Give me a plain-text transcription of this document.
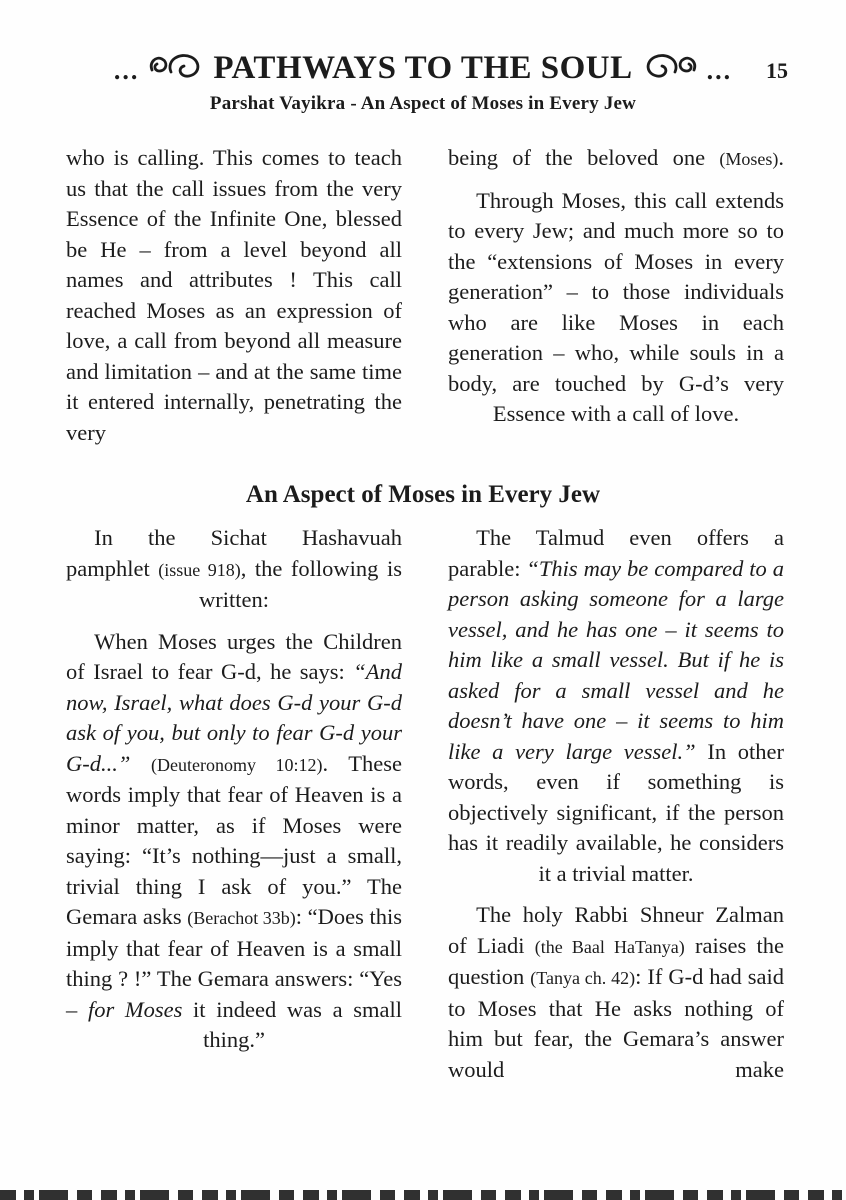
... PATHWAYS TO THE SOUL	... 15
Parshat Vayikra - An Aspect of Moses in Every Jew

who is calling. This comes to teach us that the call issues from the very Essence of the Infinite One, blessed be He – from a level beyond all names and attributes ! This call reached Moses as an expression of love, a call from beyond all measure and limitation – and at the same time it entered internally, penetrating the very

being of the beloved one (Moses).

Through Moses, this call extends to every Jew; and much more so to the “extensions of Moses in every generation” – to those individuals who are like Moses in each generation – who, while souls in a body, are touched by G-d’s very Essence with a call of love.

An Aspect of Moses in Every Jew

In the Sichat Hashavuah pamphlet (issue 918), the following is written:

When Moses urges the Children of Israel to fear G-d, he says: “And now, Israel, what does G-d your G-d ask of you, but only to fear G-d your G-d...” (Deuteronomy 10:12). These words imply that fear of Heaven is a minor matter, as if Moses were saying: “It’s nothing—just a small, trivial thing I ask of you.” The Gemara asks (Berachot 33b): “Does this imply that fear of Heaven is a small thing ? !” The Gemara answers: “Yes – for Moses it indeed was a small thing.”

The Talmud even offers a parable: “This may be compared to a person asking someone for a large vessel, and he has one – it seems to him like a small vessel. But if he is asked for a small vessel and he doesn’t have one – it seems to him like a very large vessel.” In other words, even if something is objectively significant, if the person has it readily available, he considers it a trivial matter.

The holy Rabbi Shneur Zalman of Liadi (the Baal HaTanya) raises the question (Tanya ch. 42): If G-d had said to Moses that He asks nothing of him but fear, the Gemara’s answer would make
